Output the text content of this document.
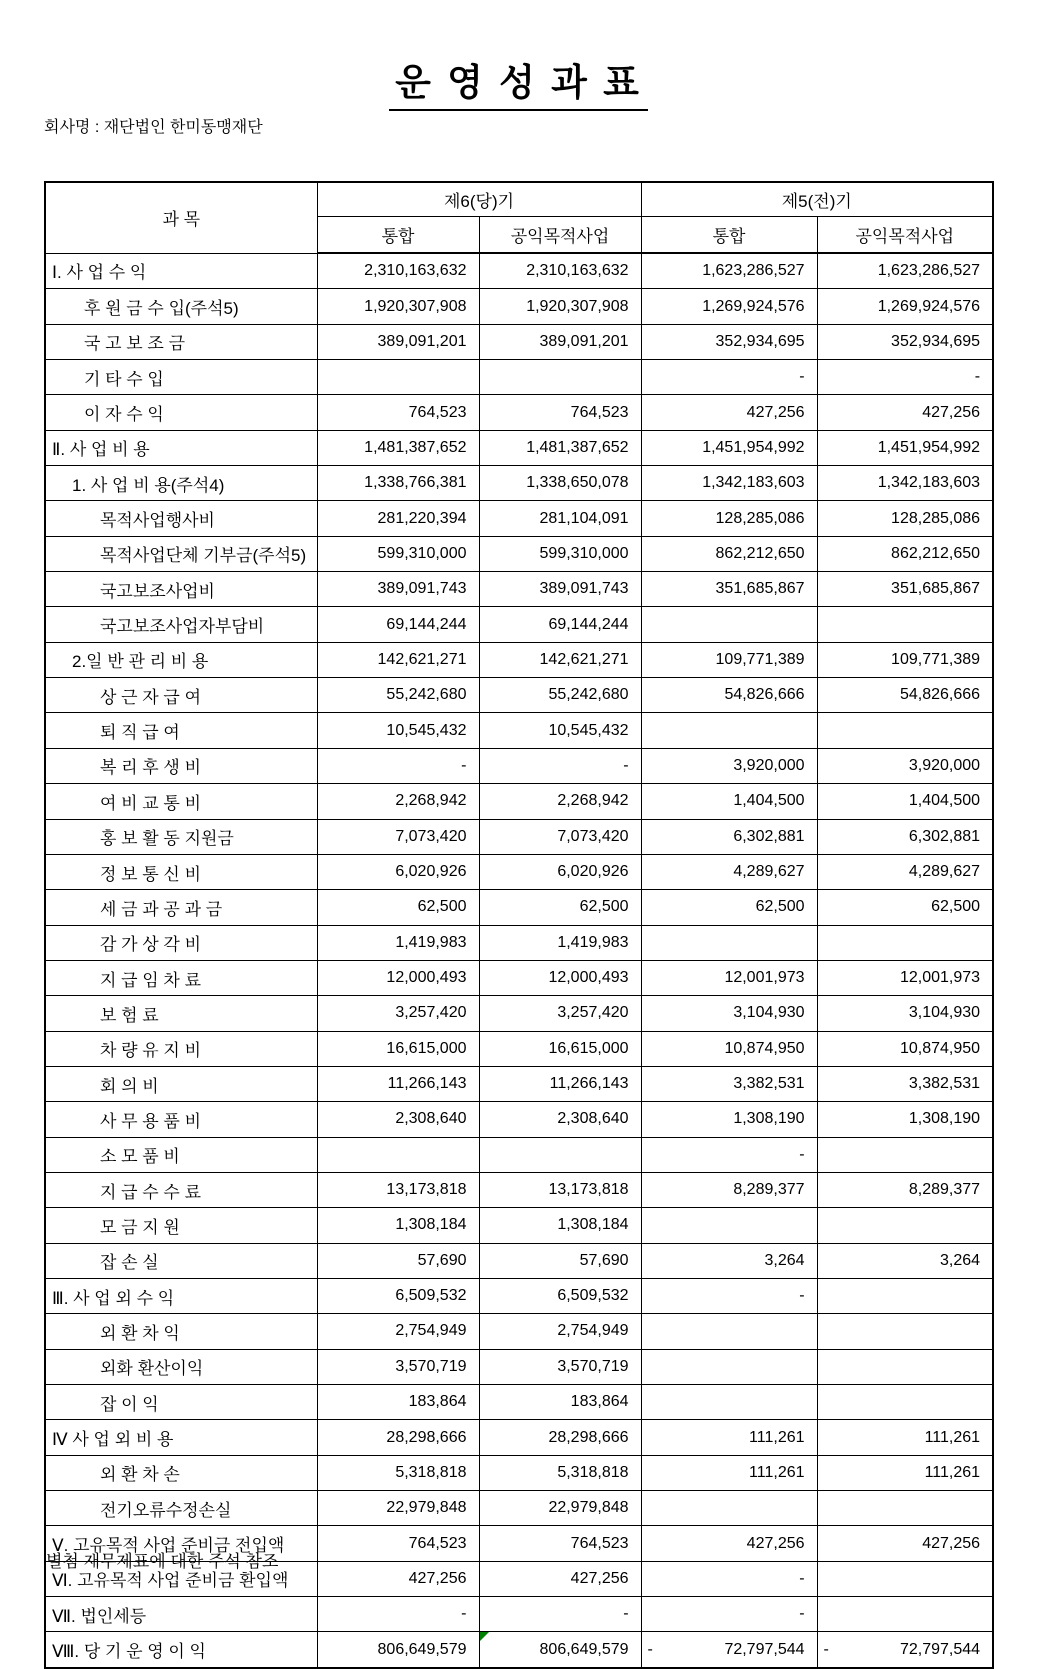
운 영 성 과 표
회사명 : 재단법인 한미동맹재단
과 목	제6(당)기		제5(전)기	
	통합	공익목적사업	통합	공익목적사업
Ⅰ. 사 업 수 익	2,310,163,632	2,310,163,632	1,623,286,527	1,623,286,527
후 원 금 수 입(주석5)	1,920,307,908	1,920,307,908	1,269,924,576	1,269,924,576
국 고 보 조 금	389,091,201	389,091,201	352,934,695	352,934,695
기 타 수 입			-	-
이 자 수 익	764,523	764,523	427,256	427,256
Ⅱ. 사 업 비 용	1,481,387,652	1,481,387,652	1,451,954,992	1,451,954,992
1. 사 업 비 용(주석4)	1,338,766,381	1,338,650,078	1,342,183,603	1,342,183,603
목적사업행사비	281,220,394	281,104,091	128,285,086	128,285,086
목적사업단체 기부금(주석5)	599,310,000	599,310,000	862,212,650	862,212,650
국고보조사업비	389,091,743	389,091,743	351,685,867	351,685,867
국고보조사업자부담비	69,144,244	69,144,244		
2.일 반 관 리 비 용	142,621,271	142,621,271	109,771,389	109,771,389
상 근 자 급 여	55,242,680	55,242,680	54,826,666	54,826,666
퇴 직 급 여	10,545,432	10,545,432		
복 리 후 생 비	-	-	3,920,000	3,920,000
여 비 교 통 비	2,268,942	2,268,942	1,404,500	1,404,500
홍 보 활 동 지원금	7,073,420	7,073,420	6,302,881	6,302,881
정 보 통 신 비	6,020,926	6,020,926	4,289,627	4,289,627
세 금 과 공 과 금	62,500	62,500	62,500	62,500
감 가 상 각 비	1,419,983	1,419,983		
지 급 임 차 료	12,000,493	12,000,493	12,001,973	12,001,973
보 험 료	3,257,420	3,257,420	3,104,930	3,104,930
차 량 유 지 비	16,615,000	16,615,000	10,874,950	10,874,950
회 의 비	11,266,143	11,266,143	3,382,531	3,382,531
사 무 용 품 비	2,308,640	2,308,640	1,308,190	1,308,190
소 모 품 비			-	
지 급 수 수 료	13,173,818	13,173,818	8,289,377	8,289,377
모 금 지 원	1,308,184	1,308,184		
잡 손 실	57,690	57,690	3,264	3,264
Ⅲ. 사 업 외 수 익	6,509,532	6,509,532	-	
외 환 차 익	2,754,949	2,754,949		
외화 환산이익	3,570,719	3,570,719		
잡 이 익	183,864	183,864		
Ⅳ 사 업 외 비 용	28,298,666	28,298,666	111,261	111,261
외 환 차 손	5,318,818	5,318,818	111,261	111,261
전기오류수정손실	22,979,848	22,979,848		
Ⅴ. 고유목적 사업 준비금 전입액	764,523	764,523	427,256	427,256
Ⅵ. 고유목적 사업 준비금 환입액	427,256	427,256	-	
Ⅶ. 법인세등	-	-	-	
Ⅷ. 당 기 운 영 이 익	806,649,579	806,649,579	- 72,797,544	- 72,797,544
별첨 재무제표에 대한 주석 참조
